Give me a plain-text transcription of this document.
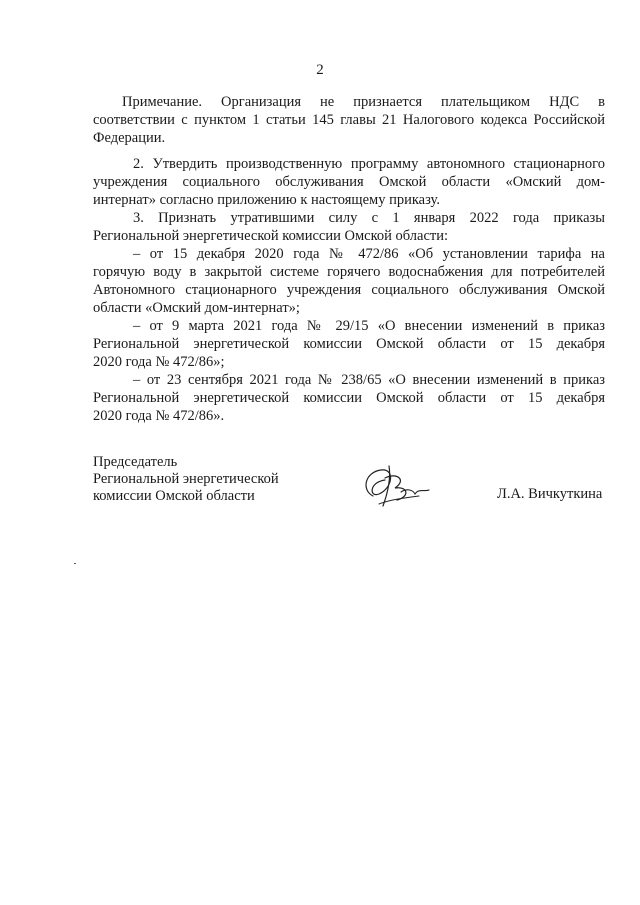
2
Примечание. Организация не признается плательщиком НДС в
соответствии с пунктом 1 статьи 145 главы 21 Налогового кодекса Российской
Федерации.
2. Утвердить производственную программу автономного стационарного
учреждения социального обслуживания Омской области «Омский дом-
интернат» согласно приложению к настоящему приказу.
3. Признать утратившими силу с 1 января 2022 года приказы
Региональной энергетической комиссии Омской области:
– от 15 декабря 2020 года № 472/86 «Об установлении тарифа на
горячую воду в закрытой системе горячего водоснабжения для потребителей
Автономного стационарного учреждения социального обслуживания Омской
области «Омский дом-интернат»;
– от 9 марта 2021 года № 29/15 «О внесении изменений в приказ
Региональной энергетической комиссии Омской области от 15 декабря
2020 года № 472/86»;
– от 23 сентября 2021 года № 238/65 «О внесении изменений в приказ
Региональной энергетической комиссии Омской области от 15 декабря
2020 года № 472/86».
Председатель
Региональной энергетической
комиссии Омской области	Л.А. Вичкуткина
